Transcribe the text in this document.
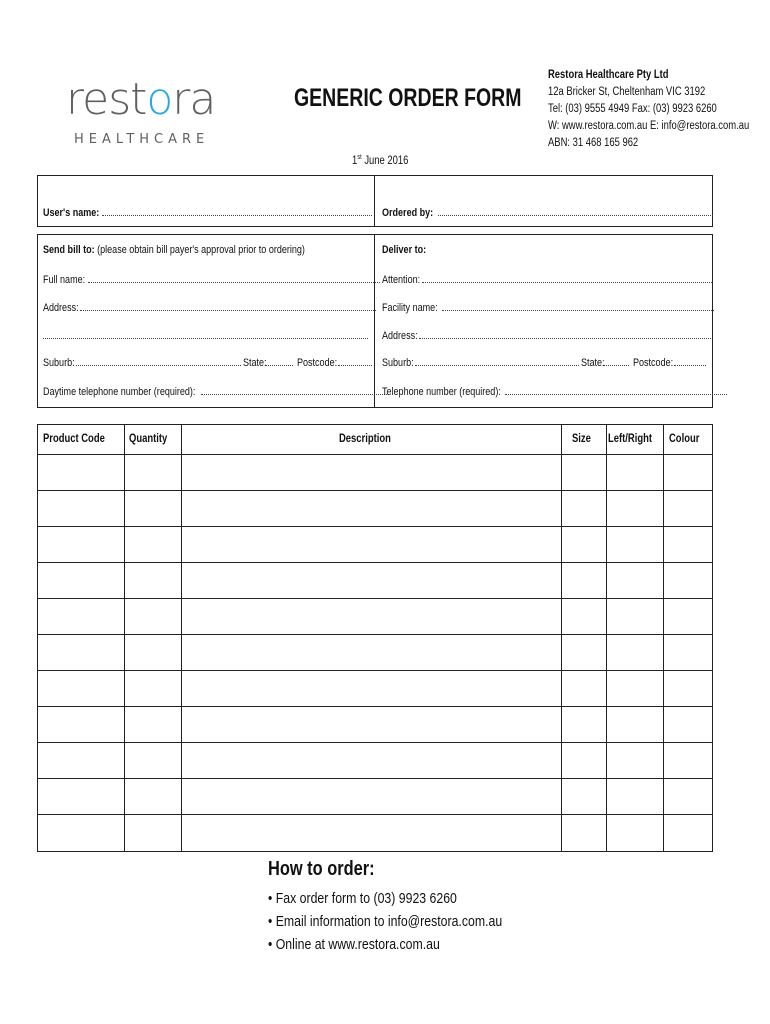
restora
HEALTHCARE
GENERIC ORDER FORM
Restora Healthcare Pty Ltd
12a Bricker St, Cheltenham VIC 3192
Tel: (03) 9555 4949 Fax: (03) 9923 6260
W: www.restora.com.au E: info@restora.com.au
ABN: 31 468 165 962
1st June 2016
User's name:	Ordered by:
Send bill to: (please obtain bill payer's approval prior to ordering)
Full name:
Address:
Suburb:	State:	Postcode:
Daytime telephone number (required):
Deliver to:
Attention:
Facility name:
Address:
Suburb:	State:	Postcode:
Telephone number (required):
Product Code	Quantity	Description	Size	Left/Right	Colour
How to order:
• Fax order form to (03) 9923 6260
• Email information to info@restora.com.au
• Online at www.restora.com.au
